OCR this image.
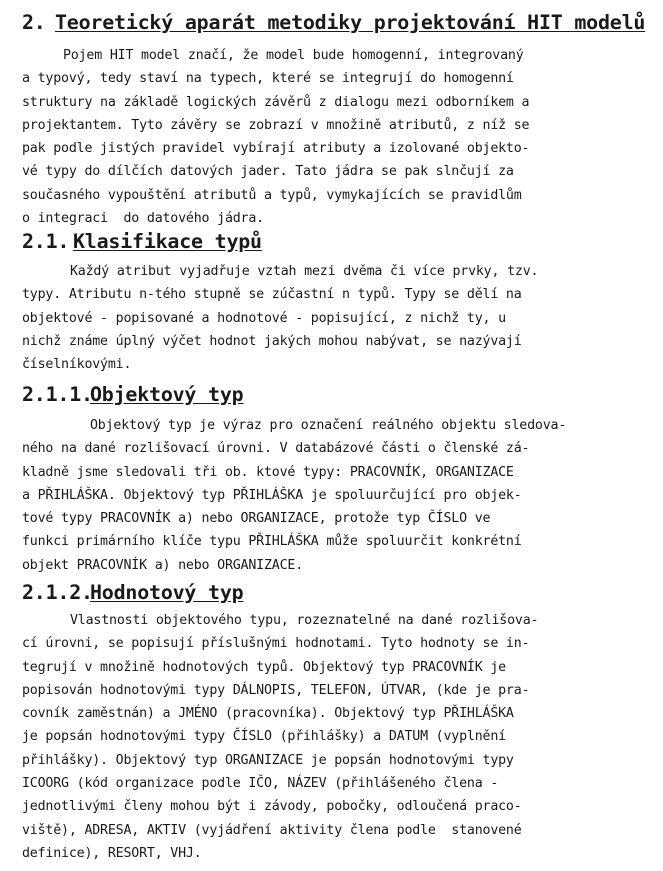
2. Teoretický aparát metodiky projektování HIT modelů

Pojem HIT model značí, že model bude homogenní, integrovaný
a typový, tedy staví na typech, které se integrují do homogenní
struktury na základě logických závěrů z dialogu mezi odborníkem a
projektantem. Tyto závěry se zobrazí v množině atributů, z níž se
pak podle jistých pravidel vybírají atributy a izolované objekto-
vé typy do dílčích datových jader. Tato jádra se pak slnčují za
současného vypouštění atributů a typů, vymykajících se pravidlům
o integraci  do datového jádra.

2.1. Klasifikace typů

Každý atribut vyjadřuje vztah mezi dvěma či více prvky, tzv.
typy. Atributu n-tého stupně se zúčastní n typů. Typy se dělí na
objektové - popisované a hodnotové - popisující, z nichž ty, u
nichž známe úplný výčet hodnot jakých mohou nabývat, se nazývají
číselníkovými.

2.1.1.Objektový typ

Objektový typ je výraz pro označení reálného objektu sledova-
ného na dané rozlišovací úrovni. V databázové části o členské zá-
kladně jsme sledovali tři ob. ktové typy: PRACOVNÍK, ORGANIZACE
a PŘIHLÁŠKA. Objektový typ PŘIHLÁŠKA je spoluurčující pro objek-
tové typy PRACOVNÍK a) nebo ORGANIZACE, protože typ ČÍSLO ve
funkci primárního klíče typu PŘIHLÁŠKA může spoluurčit konkrétní
objekt PRACOVNÍK a) nebo ORGANIZACE.

2.1.2.Hodnotový typ

Vlastnosti objektového typu, rozeznatelné na dané rozlišova-
cí úrovni, se popisují příslušnými hodnotami. Tyto hodnoty se in-
tegrují v množině hodnotových typů. Objektový typ PRACOVNÍK je
popisován hodnotovými typy DÁLNOPIS, TELEFON, ÚTVAR, (kde je pra-
covník zaměstnán) a JMÉNO (pracovníka). Objektový typ PŘIHLÁŠKA
je popsán hodnotovými typy ČÍSLO (přihlášky) a DATUM (vyplnění
přihlášky). Objektový typ ORGANIZACE je popsán hodnotovými typy
ICOORG (kód organizace podle IČO, NÁZEV (přihlášeného člena -
jednotlivými členy mohou být i závody, pobočky, odloučená praco-
viště), ADRESA, AKTIV (vyjádření aktivity člena podle  stanovené
definice), RESORT, VHJ.
